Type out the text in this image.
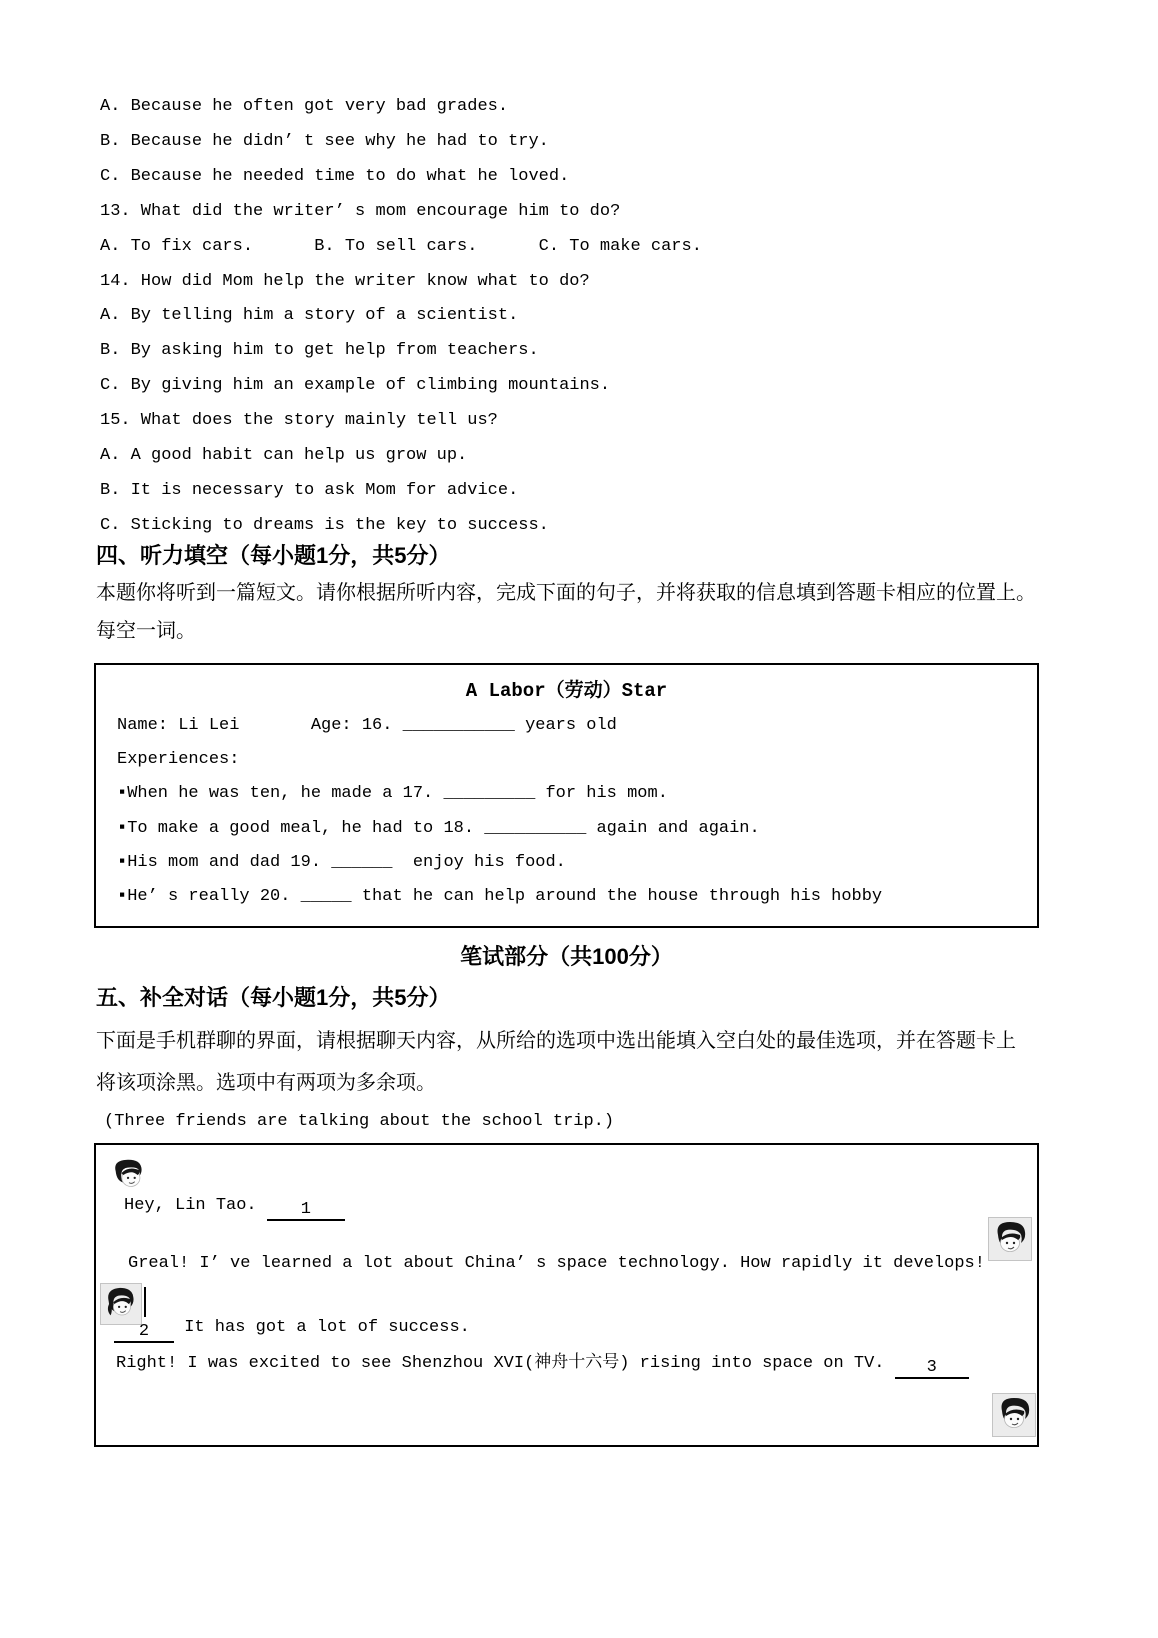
A. Because he often got very bad grades.
B. Because he didn’ t see why he had to try.
C. Because he needed time to do what he loved.
13. What did the writer’ s mom encourage him to do?
A. To fix cars.      B. To sell cars.      C. To make cars.
14. How did Mom help the writer know what to do?
A. By telling him a story of a scientist.
B. By asking him to get help from teachers.
C. By giving him an example of climbing mountains.
15. What does the story mainly tell us?
A. A good habit can help us grow up.
B. It is necessary to ask Mom for advice.
C. Sticking to dreams is the key to success.
四、听力填空（每小题1分，共5分）
本题你将听到一篇短文。请你根据所听内容，完成下面的句子，并将获取的信息填到答题卡相应的位置上。
每空一词。
A Labor（劳动）Star
Name: Li Lei       Age: 16. ___________ years old
Experiences:
▪When he was ten, he made a 17. _________ for his mom.
▪To make a good meal, he had to 18. __________ again and again.
▪His mom and dad 19. ______  enjoy his food.
▪He’ s really 20. _____ that he can help around the house through his hobby
笔试部分（共100分）
五、补全对话（每小题1分，共5分）
下面是手机群聊的界面，请根据聊天内容，从所给的选项中选出能填入空白处的最佳选项，并在答题卡上
将该项涂黑。选项中有两项为多余项。
(Three friends are talking about the school trip.)
Hey, Lin Tao. 1
Greal! I’ ve learned a lot about China’ s space technology. How rapidly it develops!
2 It has got a lot of success.
Right! I was excited to see Shenzhou XVI(神舟十六号) rising into space on TV. 3
